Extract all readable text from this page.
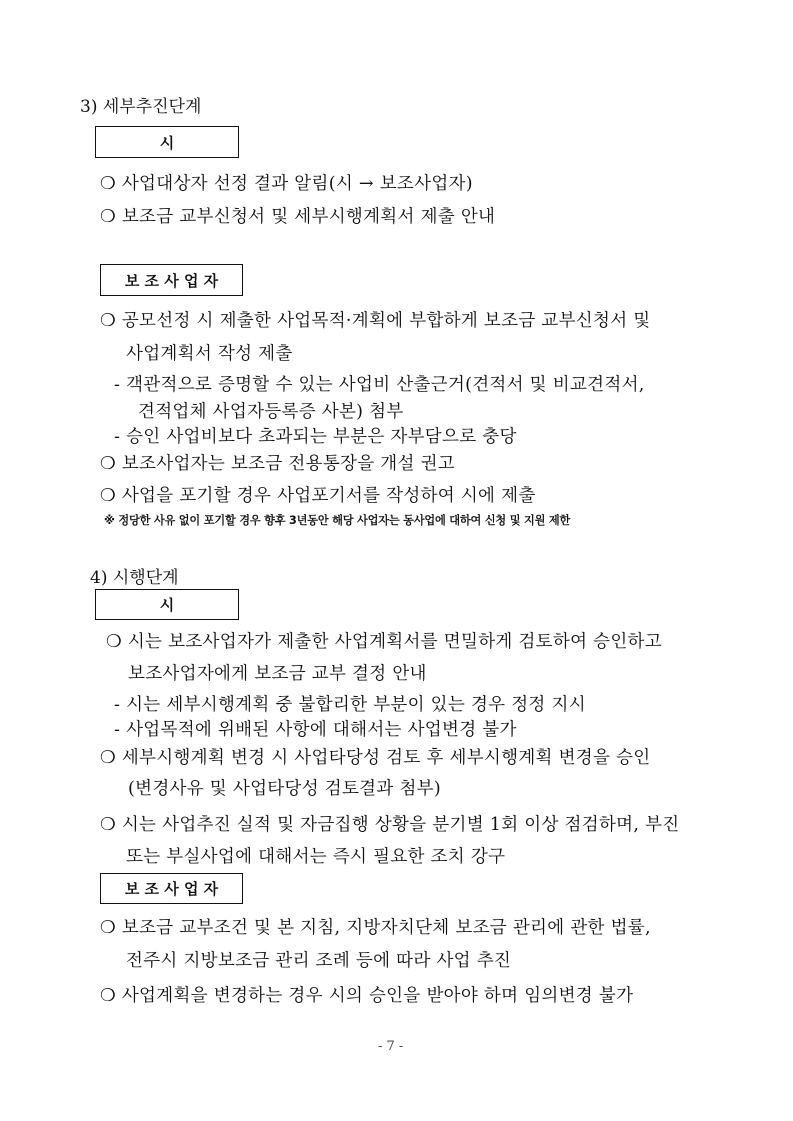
3) 세부추진단계
시
❍ 사업대상자 선정 결과 알림(시 → 보조사업자)
❍ 보조금 교부신청서 및 세부시행계획서 제출 안내
보 조 사 업 자
❍ 공모선정 시 제출한 사업목적·계획에 부합하게 보조금 교부신청서 및
사업계획서 작성 제출
- 객관적으로 증명할 수 있는 사업비 산출근거(견적서 및 비교견적서,
견적업체 사업자등록증 사본) 첨부
- 승인 사업비보다 초과되는 부분은 자부담으로 충당
❍ 보조사업자는 보조금 전용통장을 개설 권고
❍ 사업을 포기할 경우 사업포기서를 작성하여 시에 제출
※ 정당한 사유 없이 포기할 경우 향후 3년동안 해당 사업자는 동사업에 대하여 신청 및 지원 제한
4) 시행단계
시
❍ 시는 보조사업자가 제출한 사업계획서를 면밀하게 검토하여 승인하고
보조사업자에게 보조금 교부 결정 안내
- 시는 세부시행계획 중 불합리한 부분이 있는 경우 정정 지시
- 사업목적에 위배된 사항에 대해서는 사업변경 불가
❍ 세부시행계획 변경 시 사업타당성 검토 후 세부시행계획 변경을 승인
(변경사유 및 사업타당성 검토결과 첨부)
❍ 시는 사업추진 실적 및 자금집행 상황을 분기별 1회 이상 점검하며, 부진
또는 부실사업에 대해서는 즉시 필요한 조치 강구
보 조 사 업 자
❍ 보조금 교부조건 및 본 지침, 지방자치단체 보조금 관리에 관한 법률,
전주시 지방보조금 관리 조례 등에 따라 사업 추진
❍ 사업계획을 변경하는 경우 시의 승인을 받아야 하며 임의변경 불가
- 7 -
